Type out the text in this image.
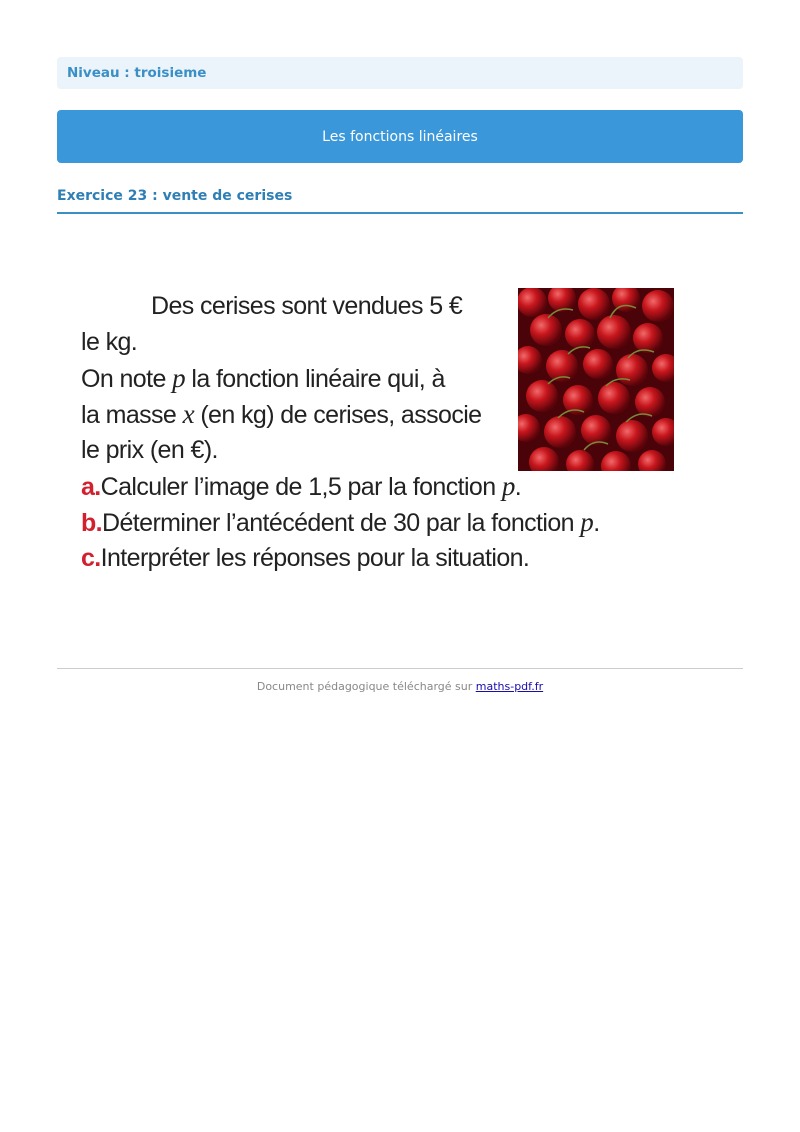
Niveau : troisieme
Les fonctions linéaires
Exercice 23 : vente de cerises
Des cerises sont vendues 5 €
le kg.
On note p la fonction linéaire qui, à
la masse x (en kg) de cerises, associe
le prix (en €).
a.Calculer l’image de 1,5 par la fonction p.
b.Déterminer l’antécédent de 30 par la fonction p.
c.Interpréter les réponses pour la situation.
Document pédagogique téléchargé sur maths-pdf.fr
